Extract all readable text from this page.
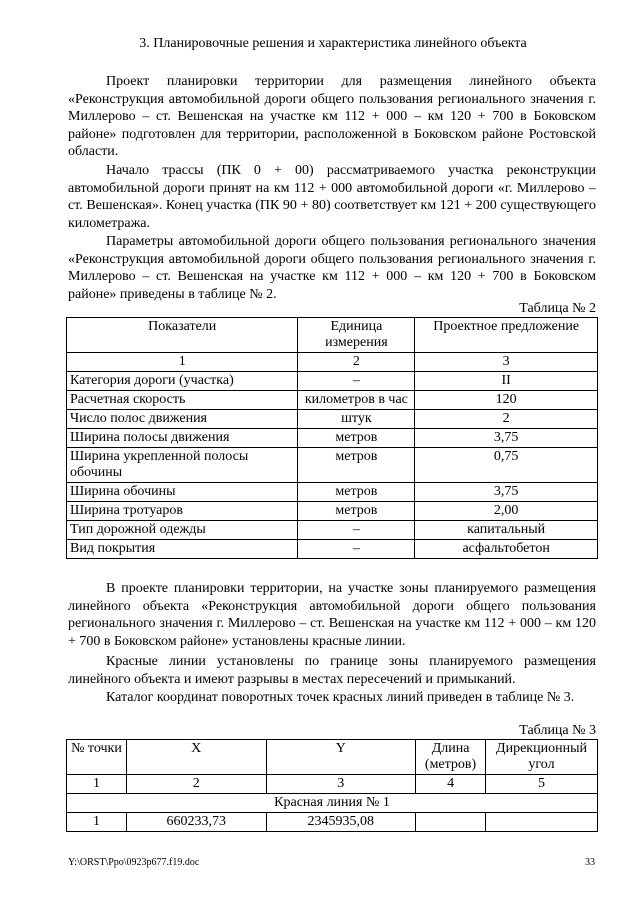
3. Планировочные решения и характеристика линейного объекта

Проект планировки территории для размещения линейного объекта «Реконструкция автомобильной дороги общего пользования регионального значения г. Миллерово – ст. Вешенская на участке км 112 + 000 – км 120 + 700 в Боковском районе» подготовлен для территории, расположенной в Боковском районе Ростовской области.

Начало трассы (ПК 0 + 00) рассматриваемого участка реконструкции автомобильной дороги принят на км 112 + 000 автомобильной дороги «г. Миллерово – ст. Вешенская». Конец участка (ПК 90 + 80) соответствует км 121 + 200 существующего километража.

Параметры автомобильной дороги общего пользования регионального значения «Реконструкция автомобильной дороги общего пользования регионального значения г. Миллерово – ст. Вешенская на участке км 112 + 000 – км 120 + 700 в Боковском районе» приведены в таблице № 2.

Таблица № 2
Показатели	Единица измерения	Проектное предложение
1	2	3
Категория дороги (участка)	–	II
Расчетная скорость	километров в час	120
Число полос движения	штук	2
Ширина полосы движения	метров	3,75
Ширина укрепленной полосы обочины	метров	0,75
Ширина обочины	метров	3,75
Ширина тротуаров	метров	2,00
Тип дорожной одежды	–	капитальный
Вид покрытия	–	асфальтобетон

В проекте планировки территории, на участке зоны планируемого размещения линейного объекта «Реконструкция автомобильной дороги общего пользования регионального значения г. Миллерово – ст. Вешенская на участке км 112 + 000 – км 120 + 700 в Боковском районе» установлены красные линии.

Красные линии установлены по границе зоны планируемого размещения линейного объекта и имеют разрывы в местах пересечений и примыканий.

Каталог координат поворотных точек красных линий приведен в таблице № 3.

Таблица № 3
№ точки	X	Y	Длина (метров)	Дирекционный угол
1	2	3	4	5
Красная линия № 1				
1	660233,73	2345935,08		
Y:\ORST\Ppo\0923p677.f19.doc	33
